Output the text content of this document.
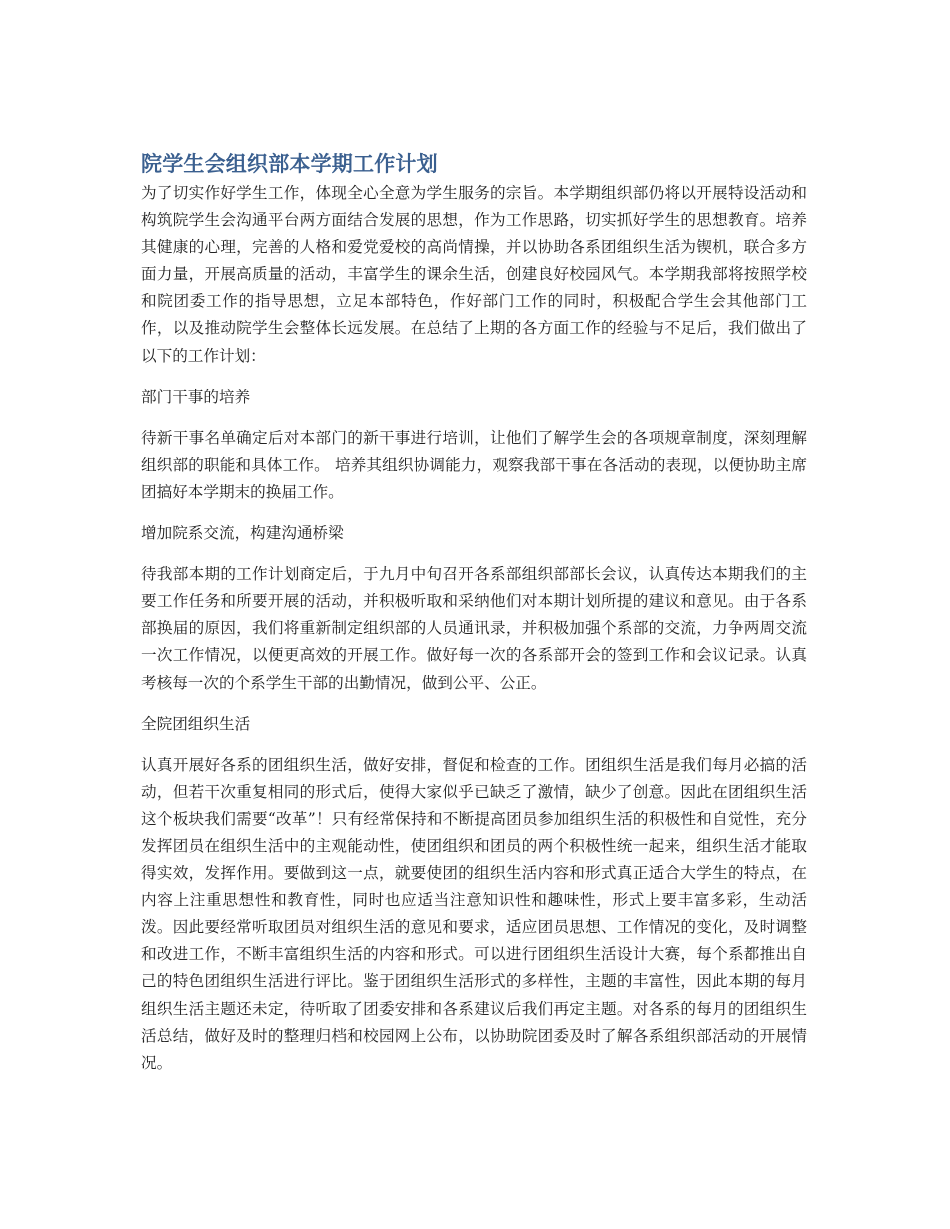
院学生会组织部本学期工作计划

为了切实作好学生工作，体现全心全意为学生服务的宗旨。本学期组织部仍将以开展特设活动和构筑院学生会沟通平台两方面结合发展的思想，作为工作思路，切实抓好学生的思想教育。培养其健康的心理，完善的人格和爱党爱校的高尚情操，并以协助各系团组织生活为锲机，联合多方面力量，开展高质量的活动，丰富学生的课余生活，创建良好校园风气。本学期我部将按照学校和院团委工作的指导思想，立足本部特色，作好部门工作的同时，积极配合学生会其他部门工作，以及推动院学生会整体长远发展。在总结了上期的各方面工作的经验与不足后，我们做出了以下的工作计划：

部门干事的培养

待新干事名单确定后对本部门的新干事进行培训，让他们了解学生会的各项规章制度，深刻理解组织部的职能和具体工作。 培养其组织协调能力，观察我部干事在各活动的表现，以便协助主席团搞好本学期末的换届工作。

增加院系交流，构建沟通桥梁

待我部本期的工作计划商定后，于九月中旬召开各系部组织部部长会议，认真传达本期我们的主要工作任务和所要开展的活动，并积极听取和采纳他们对本期计划所提的建议和意见。由于各系部换届的原因，我们将重新制定组织部的人员通讯录，并积极加强个系部的交流，力争两周交流一次工作情况，以便更高效的开展工作。做好每一次的各系部开会的签到工作和会议记录。认真考核每一次的个系学生干部的出勤情况，做到公平、公正。

全院团组织生活

认真开展好各系的团组织生活，做好安排，督促和检查的工作。团组织生活是我们每月必搞的活动，但若干次重复相同的形式后，使得大家似乎已缺乏了激情，缺少了创意。因此在团组织生活这个板块我们需要“改革”！只有经常保持和不断提高团员参加组织生活的积极性和自觉性，充分发挥团员在组织生活中的主观能动性，使团组织和团员的两个积极性统一起来，组织生活才能取得实效，发挥作用。要做到这一点，就要使团的组织生活内容和形式真正适合大学生的特点，在内容上注重思想性和教育性，同时也应适当注意知识性和趣味性，形式上要丰富多彩，生动活泼。因此要经常听取团员对组织生活的意见和要求，适应团员思想、工作情况的变化，及时调整和改进工作，不断丰富组织生活的内容和形式。可以进行团组织生活设计大赛，每个系都推出自己的特色团组织生活进行评比。鉴于团组织生活形式的多样性，主题的丰富性，因此本期的每月组织生活主题还未定，待听取了团委安排和各系建议后我们再定主题。对各系的每月的团组织生活总结，做好及时的整理归档和校园网上公布，以协助院团委及时了解各系组织部活动的开展情况。
